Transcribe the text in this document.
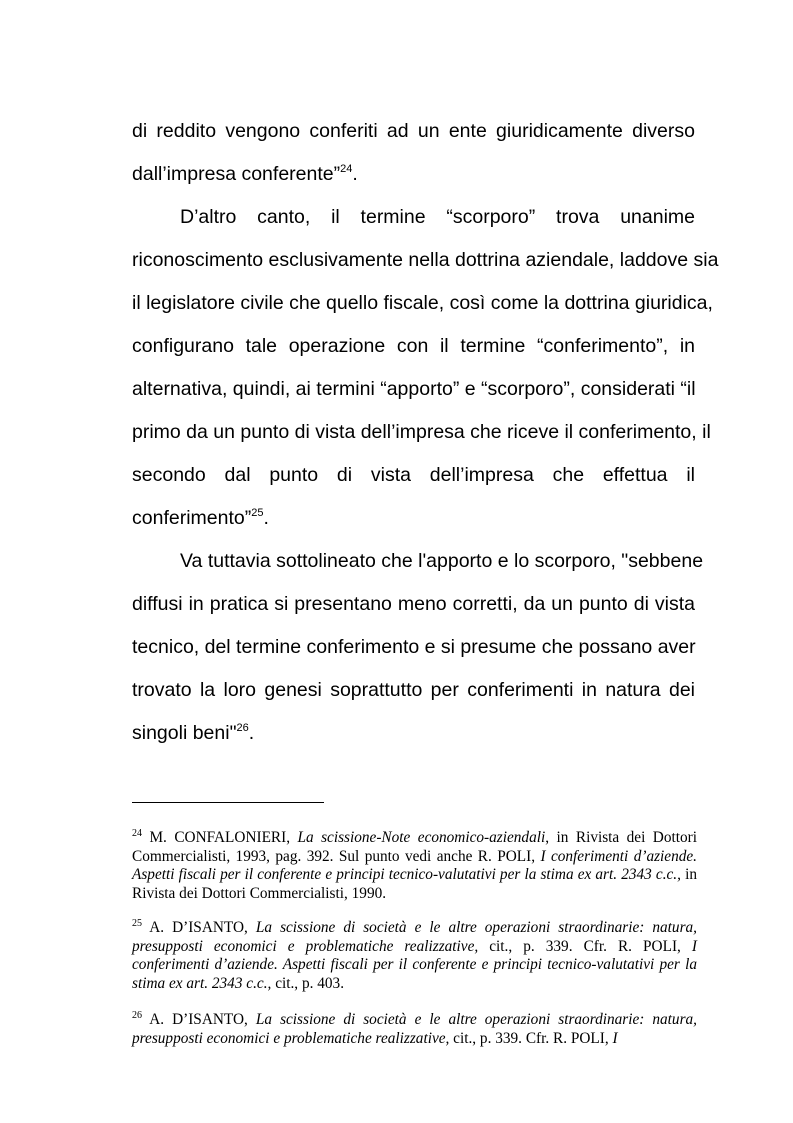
di reddito vengono conferiti ad un ente giuridicamente diverso
dall’impresa conferente”$^{24}$.
D’altro canto, il termine “scorporo” trova unanime
riconoscimento esclusivamente nella dottrina aziendale, laddove sia
il legislatore civile che quello fiscale, così come la dottrina giuridica,
configurano tale operazione con il termine “conferimento”, in
alternativa, quindi, ai termini “apporto” e “scorporo”, considerati “il
primo da un punto di vista dell’impresa che riceve il conferimento, il
secondo dal punto di vista dell’impresa che effettua il
conferimento”$^{25}$.
Va tuttavia sottolineato che l'apporto e lo scorporo, "sebbene
diffusi in pratica si presentano meno corretti, da un punto di vista
tecnico, del termine conferimento e si presume che possano aver
trovato la loro genesi soprattutto per conferimenti in natura dei
singoli beni"$^{26}$.
$^{24}$ M. CONFALONIERI, La scissione-Note economico-aziendali, in Rivista dei Dottori Commercialisti, 1993, pag. 392. Sul punto vedi anche R. POLI, I conferimenti d’aziende. Aspetti fiscali per il conferente e principi tecnico-valutativi per la stima ex art. 2343 c.c., in Rivista dei Dottori Commercialisti, 1990.
$^{25}$ A. D’ISANTO, La scissione di società e le altre operazioni straordinarie: natura, presupposti economici e problematiche realizzative, cit., p. 339. Cfr. R. POLI, I conferimenti d’aziende. Aspetti fiscali per il conferente e principi tecnico-valutativi per la stima ex art. 2343 c.c., cit., p. 403.
$^{26}$ A. D’ISANTO, La scissione di società e le altre operazioni straordinarie: natura, presupposti economici e problematiche realizzative, cit., p. 339. Cfr. R. POLI, I
